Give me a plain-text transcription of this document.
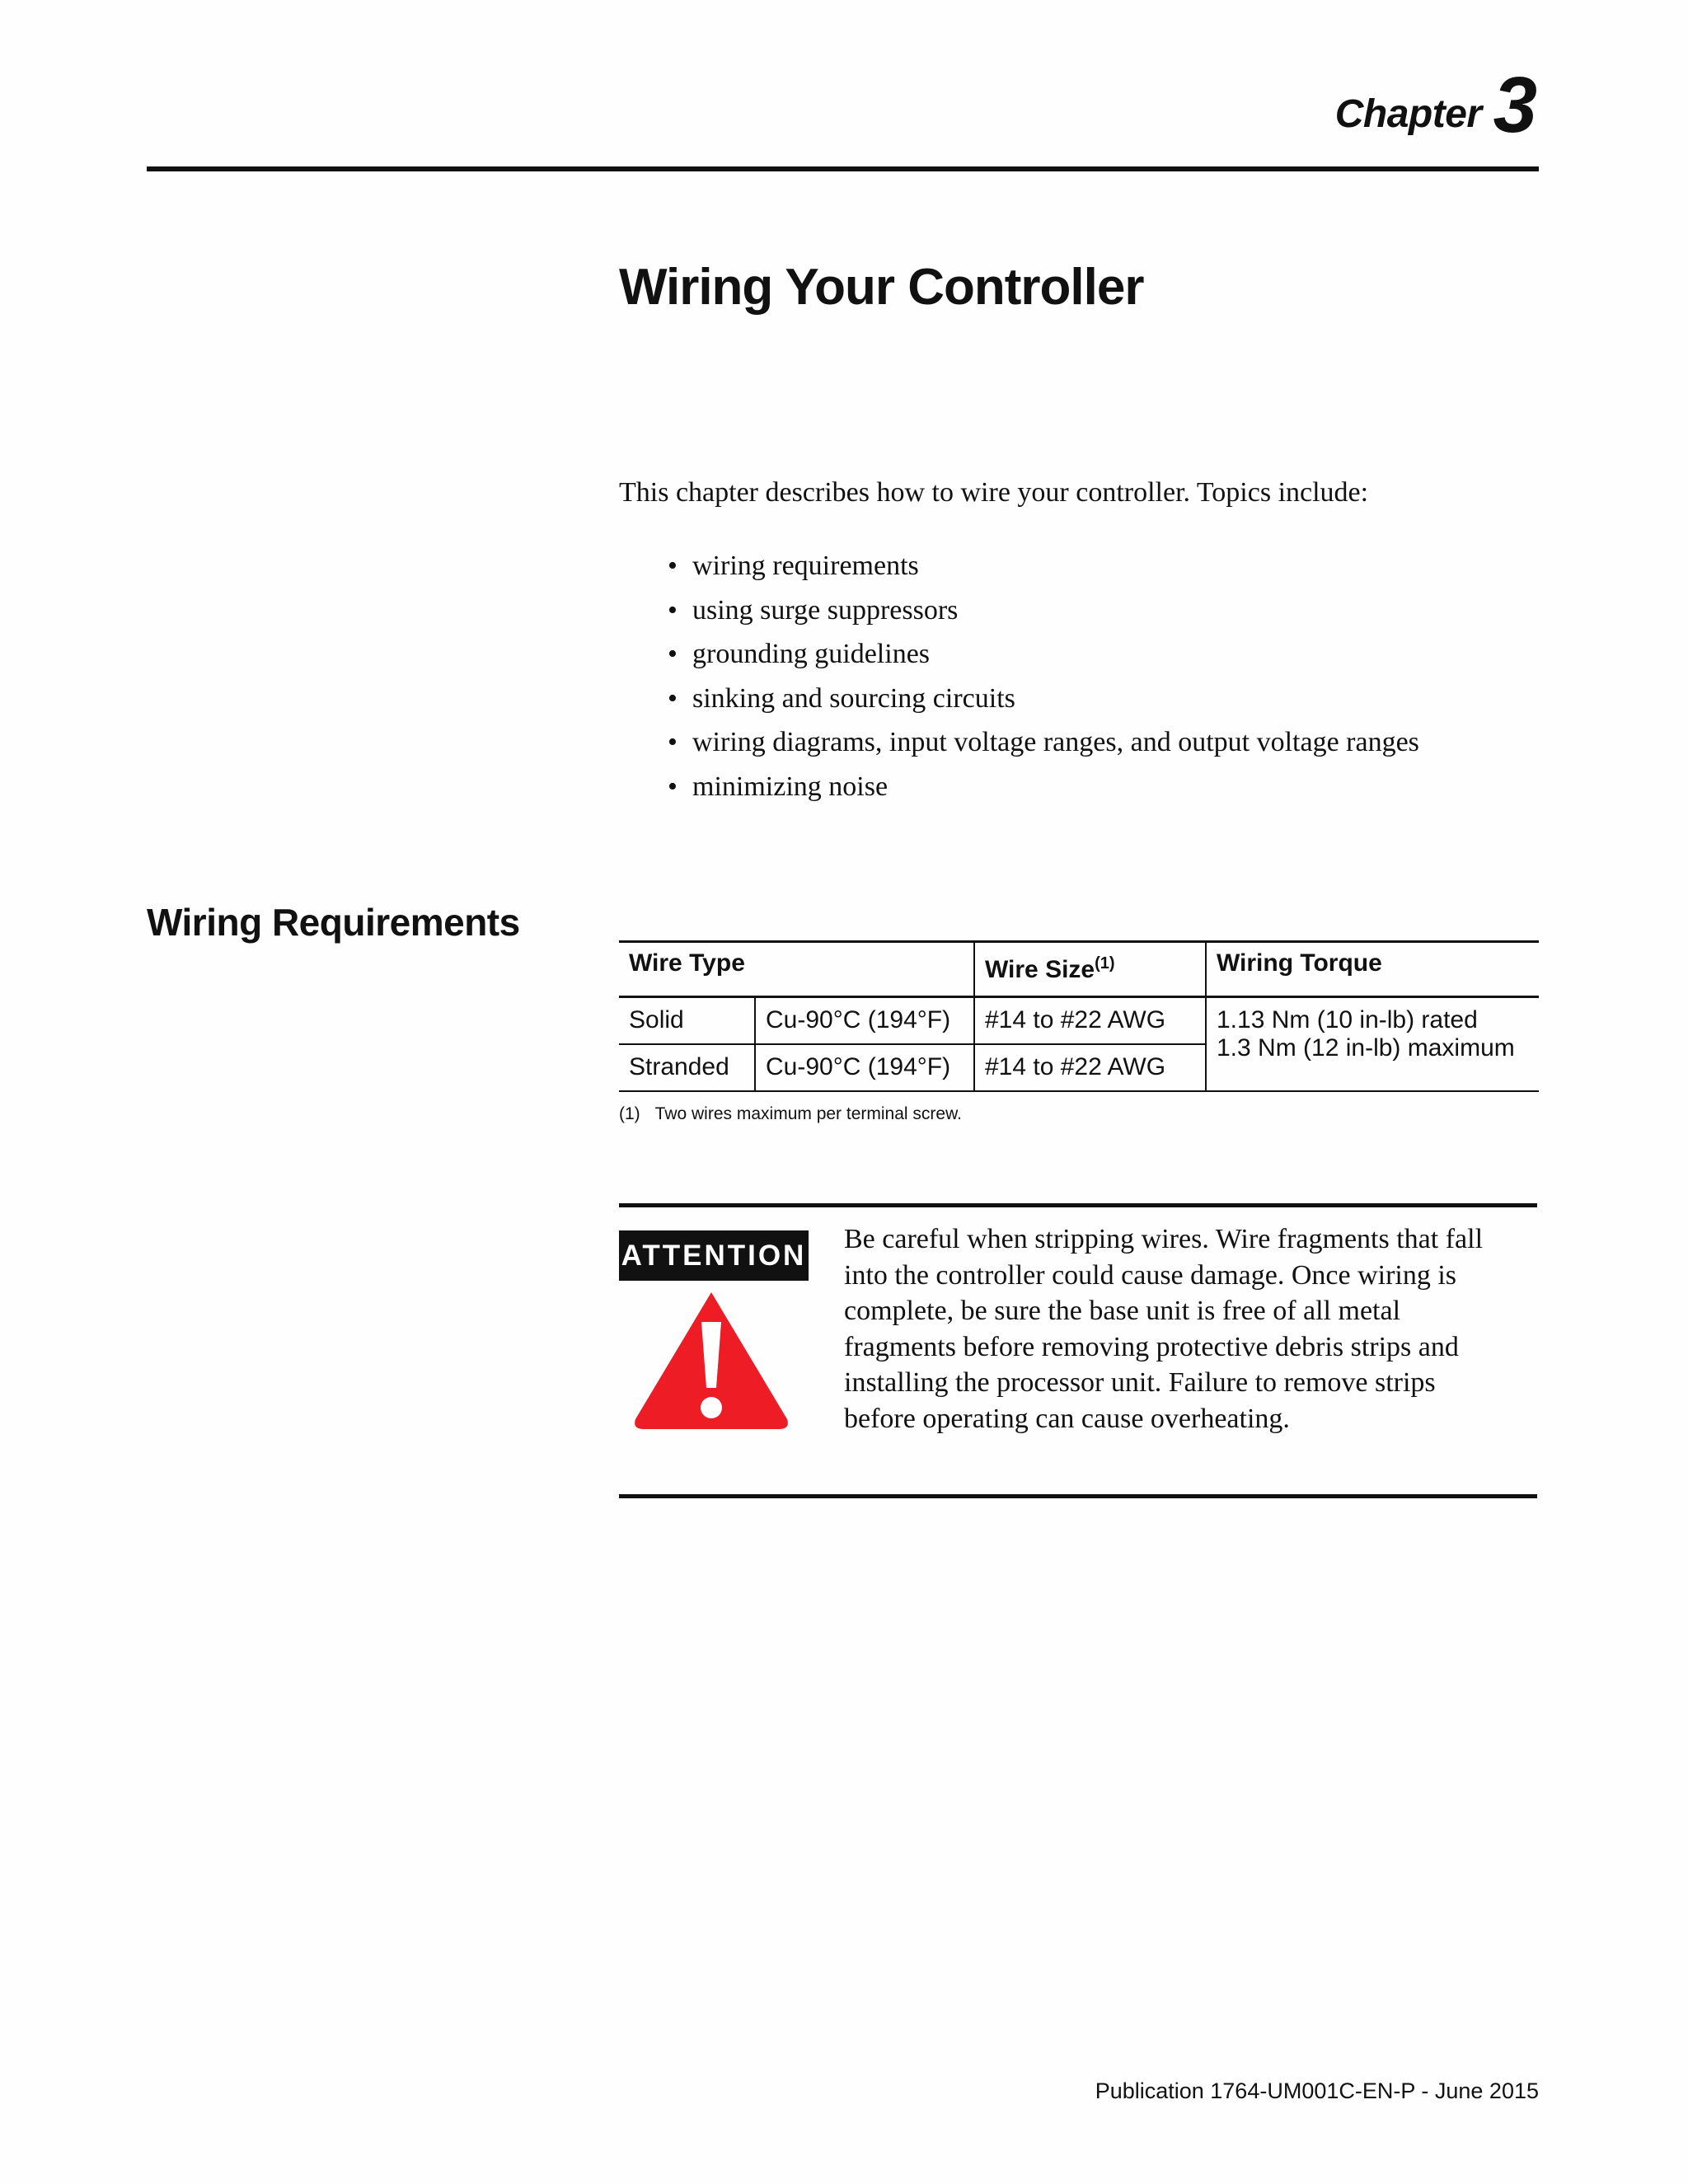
Chapter 3
Wiring Your Controller

This chapter describes how to wire your controller. Topics include:

• wiring requirements
• using surge suppressors
• grounding guidelines
• sinking and sourcing circuits
• wiring diagrams, input voltage ranges, and output voltage ranges
• minimizing noise
Wiring Requirements
Wire Type		Wire Size$^{(1)}$	Wiring Torque
Solid	Cu-90°C (194°F)	#14 to #22 AWG	1.13 Nm (10 in-lb) rated
1.3 Nm (12 in-lb) maximum

Stranded	Cu-90°C (194°F)	#14 to #22 AWG	

(1) Two wires maximum per terminal screw.

ATTENTION

Be careful when stripping wires. Wire fragments that fall into the controller could cause damage. Once wiring is complete, be sure the base unit is free of all metal fragments before removing protective debris strips and installing the processor unit. Failure to remove strips before operating can cause overheating.

Publication 1764-UM001C-EN-P - June 2015
